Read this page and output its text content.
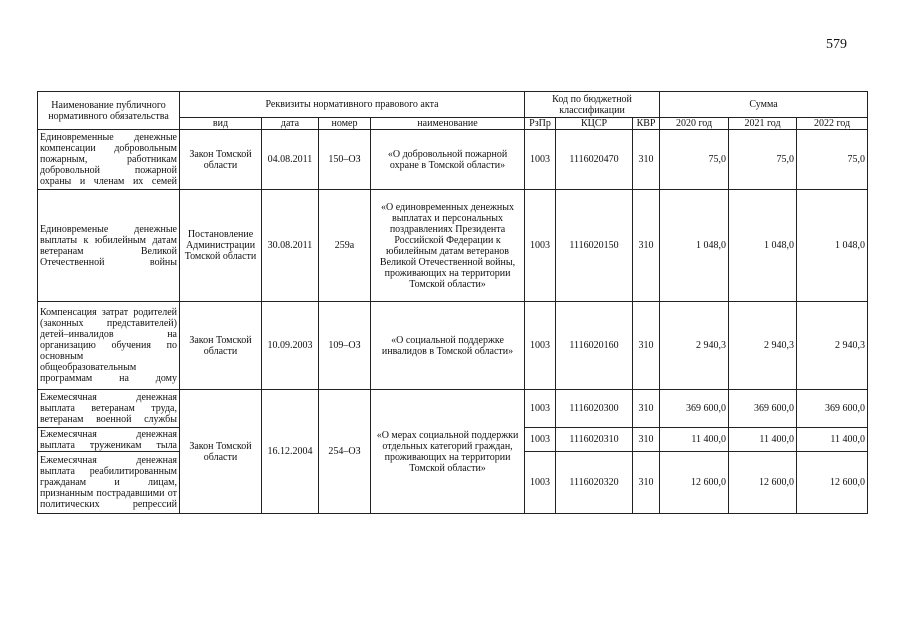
579
Наименование публичного нормативного обязательства	Реквизиты нормативного правового акта				Код по бюджетной классификации			Сумма		
	вид	дата	номер	наименование	РзПр	КЦСР	КВР	2020 год	2021 год	2022 год
Единовременные денежные компенсации добровольным пожарным, работникам добровольной пожарной охраны и членам их семей	Закон Томской области	04.08.2011	150–ОЗ	«О добровольной пожарной охране в Томской области»	1003	1116020470	310	75,0	75,0	75,0
Единовременые денежные выплаты к юбилейным датам ветеранам Великой Отечественной войны	Постановление Администрации Томской области	30.08.2011	259а	«О единовременных денежных выплатах и персональных поздравлениях Президента Российской Федерации к юбилейным датам ветеранов Великой Отечественной войны, проживающих на территории Томской области»	1003	1116020150	310	1 048,0	1 048,0	1 048,0
Компенсация затрат родителей (законных представителей) детей–инвалидов на организацию обучения по основным общеобразовательным программам на дому	Закон Томской области	10.09.2003	109–ОЗ	«О социальной поддержке инвалидов в Томской области»	1003	1116020160	310	2 940,3	2 940,3	2 940,3
Ежемесячная денежная выплата ветеранам труда, ветеранам военной службы	Закон Томской области	16.12.2004	254–ОЗ	«О мерах социальной поддержки отдельных категорий граждан, проживающих на территории Томской области»	1003	1116020300	310	369 600,0	369 600,0	369 600,0
Ежемесячная денежная выплата труженикам тыла					1003	1116020310	310	11 400,0	11 400,0	11 400,0
Ежемесячная денежная выплата реабилитированным гражданам и лицам, признанным пострадавшими от политических репрессий					1003	1116020320	310	12 600,0	12 600,0	12 600,0
